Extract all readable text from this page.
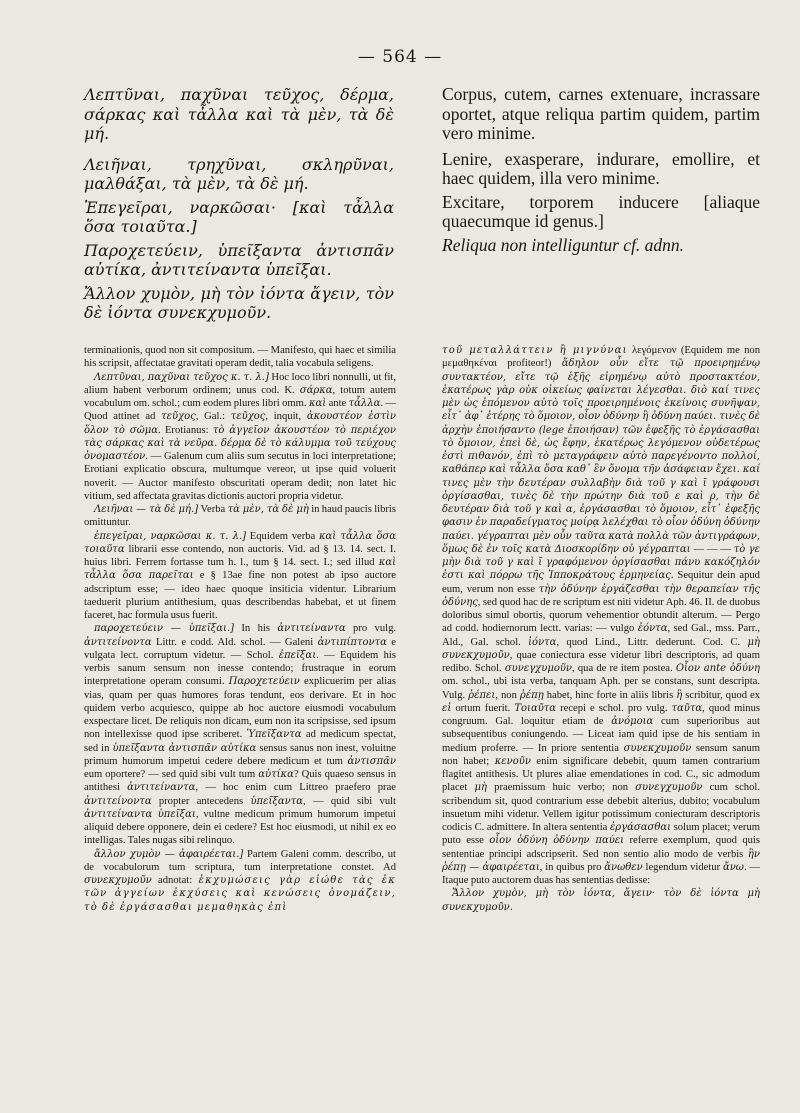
— 564 —

Λεπτῦναι, παχῦναι τεῦχος, δέρμα, σάρκας καὶ τἆλλα καὶ τὰ μὲν, τὰ δὲ μή.

Λειῆναι, τρηχῦναι, σκληρῦναι, μαλθάξαι, τὰ μὲν, τὰ δὲ μή.

Ἐπεγεῖραι, ναρκῶσαι· [καὶ τἆλλα ὅσα τοιαῦτα.]

Παροχετεύειν, ὑπεῖξαντα ἀντισπᾶν αὐτίκα, ἀντιτείναντα ὑπεῖξαι.

Ἄλλον χυμὸν, μὴ τὸν ἰόντα ἄγειν, τὸν δὲ ἰόντα συνεκχυμοῦν.

Corpus, cutem, carnes extenuare, incrassare oportet, atque reliqua partim quidem, partim vero minime.

Lenire, exasperare, indurare, emollire, et haec quidem, illa vero minime.

Excitare, torporem inducere [aliaque quaecumque id genus.]

Reliqua non intelliguntur cf. adnn.

terminationis, quod non sit compositum. — Manifesto, qui haec et similia his scripsit, affectatae gravitati operam dedit, talia vocabula seligens.

Λεπτῦναι, παχῦναι τεῦχος κ. τ. λ.] Hoc loco libri nonnulli, ut fit, alium habent verborum ordinem; unus cod. K. σάρκα, totum autem vocabulum om. schol.; cum eodem plures libri omm. καὶ ante τἆλλα. — Quod attinet ad τεῦχος, Gal.: τεῦχος, inquit, ἀκουστέον ἐστὶν ὅλον τὸ σῶμα. Erotianus: τὸ ἀγγεῖον ἀκουστέον τὸ περιέχον τὰς σάρκας καὶ τὰ νεῦρα. δέρμα δὲ τὸ κάλυμμα τοῦ τεύχους ὀνομαστέον. — Galenum cum aliis sum secutus in loci interpretatione; Erotiani explicatio obscura, multumque vereor, ut ipse quid voluerit noverit. — Auctor manifesto obscuritati operam dedit; non latet hic vitium, sed affectata gravitas dictionis auctori propria videtur.

Λειῆναι — τὰ δὲ μή.] Verba τὰ μὲν, τὰ δὲ μὴ in haud paucis libris omittuntur.

ἐπεγεῖραι, ναρκῶσαι κ. τ. λ.] Equidem verba καὶ τἆλλα ὅσα τοιαῦτα librarii esse contendo, non auctoris. Vid. ad § 13. 14. sect. I. huius libri. Ferrem fortasse tum h. l., tum § 14. sect. I.; sed illud καὶ τἆλλα ὅσα παρεῖται e § 13ae fine non potest ab ipso auctore adscriptum esse; — ideo haec quoque insiticia videntur. Librarium taeduerit plurium antithesium, quas describendas habebat, et ut finem faceret, hac formula usus fuerit.

παροχετεύειν — ὑπεῖξαι.] In his ἀντιτείναντα pro vulg. ἀντιτείνοντα Littr. e codd. Ald. schol. — Galeni ἀντιπίπτοντα e vulgata lect. corruptum videtur. — Schol. ἐπεῖξαι. — Equidem his verbis sanum sensum non inesse contendo; frustraque in eorum interpretatione operam consumi. Παροχετεύειν explicuerim per alias vias, quam per quas humores foras tendunt, eos derivare. Et in hoc quidem verbo acquiesco, quippe ab hoc auctore eiusmodi vocabulum exspectare licet. De reliquis non dicam, eum non ita scripsisse, sed ipsum non intellexisse quod ipse scriberet. Ὑπεῖξαντα ad medicum spectat, sed in ὑπεῖξαντα ἀντισπᾶν αὐτίκα sensus sanus non inest, voluitne primum humorum impetui cedere debere medicum et tum ἀντισπᾶν eum oportere? — sed quid sibi vult tum αὐτίκα? Quis quaeso sensus in antithesi ἀντιτείναντα, — hoc enim cum Littreo praefero prae ἀντιτείνοντα propter antecedens ὑπεῖξαντα, — quid sibi vult ἀντιτείναντα ὑπεῖξαι, vultne medicum primum humorum impetui aliquid debere opponere, dein ei cedere? Est hoc eiusmodi, ut nihil ex eo intelligas. Tales nugas sibi relinquo.

ἄλλον χυμὸν — ἀφαιρέεται.] Partem Galeni comm. describo, ut de vocabulorum tum scriptura, tum interpretatione constet. Ad συνεκχυμοῦν adnotat: ἐκχυμώσεις γὰρ εἰώθε τὰς ἐκ τῶν ἀγγείων ἐκχύσεις καὶ κενώσεις ὀνομάζειν, τὸ δὲ ἐργάσασθαι μεμαθηκὰς ἐπὶ

τοῦ μεταλλάττειν ἢ μιγνύναι λεγόμενον (Equidem me non μεμαθηκέναι profiteor!) ἄδηλον οὖν εἴτε τῷ προειρημένῳ συντακτέον, εἴτε τῷ ἑξῆς εἰρημένῳ αὐτὸ προστακτέον, ἑκατέρως γὰρ οὐκ οἰκείως φαίνεται λέγεσθαι. διὸ καί τινες μὲν ὡς ἑπόμενον αὐτὸ τοῖς προειρημένοις ἐκείνοις συνῆψαν, εἶτ᾽ ἀφ᾽ ἑτέρης τὸ ὅμοιον, οἷον ὀδύνην ἢ ὀδύνη παύει. τινὲς δὲ ἀρχὴν ἐποιήσαντο (lege ἐποιήσαν) τῶν ἐφεξῆς τὸ ἐργάσασθαι τὸ ὅμοιον, ἐπεὶ δὲ, ὡς ἔφην, ἑκατέρως λεγόμενον οὐδετέρως ἐστὶ πιθανόν, ἐπὶ τὸ μεταγράφειν αὐτὸ παρεγένοντο πολλοί, καθάπερ καὶ τἆλλα ὅσα καθ᾽ ἓν ὄνομα τῆν ἀσάφειαν ἔχει. καί τινες μὲν τὴν δευτέραν συλλαβὴν διὰ τοῦ γ καὶ ῑ γράφουσι ὀργίσασθαι, τινὲς δὲ τὴν πρώτην διὰ τοῦ ε καὶ ρ, τὴν δὲ δευτέραν διὰ τοῦ γ καὶ α, ἐργάσασθαι τὸ ὅμοιον, εἶτ᾽ ἐφεξῆς φασιν ἐν παραδείγματος μοίρᾳ λελέχθαι τὸ οἷον ὀδύνη ὀδύνην παύει. γέγραπται μὲν οὖν ταῦτα κατὰ πολλὰ τῶν ἀντιγράφων, ὅμως δὲ ἐν τοῖς κατὰ Διοσκορίδην οὐ γέγραπται — — — τὸ γε μὴν διὰ τοῦ γ καὶ ῑ γραφόμενον ὀργίσασθαι πάνυ κακόζηλόν ἐστι καὶ πόρρω τῆς Ἱπποκράτους ἑρμηνείας. Sequitur dein apud eum, verum non esse τὴν ὀδύνην ἐργάζεσθαι τὴν θεραπείαν τῆς ὀδύνης, sed quod hac de re scriptum est niti videtur Aph. 46. II. de duobus doloribus simul obortis, quorum vehementior obtundit alterum. — Pergo ad codd. hodiernorum lectt. varias: — vulgo ἐόντα, sed Gal., mss. Parr., Ald., Gal. schol. ἰόντα, quod Lind., Littr. dederunt. Cod. C. μὴ συνεκχυμοῦν, quae coniectura esse videtur libri descriptoris, ad quam redibo. Schol. συνεγχυμοῦν, qua de re item postea. Οἷον ante ὀδύνη om. schol., ubi ista verba, tanquam Aph. per se constans, sunt descripta. Vulg. ῥέπει, non ῥέπῃ habet, hinc forte in aliis libris ἢ scribitur, quod ex εἰ ortum fuerit. Τοιαῦτα recepi e schol. pro vulg. ταῦτα, quod minus congruum. Gal. loquitur etiam de ἀνόμοια cum superioribus aut subsequentibus coniungendo. — Liceat iam quid ipse de his sentiam in medium proferre. — In priore sententia συνεκχυμοῦν sensum sanum non habet; κενοῦν enim significare debebit, quum tamen contrarium flagitet antithesis. Ut plures aliae emendationes in cod. C., sic admodum placet μὴ praemissum huic verbo; non συνεγχυμοῦν cum schol. scribendum sit, quod contrarium esse debebit alterius, dubito; vocabulum insuetum mihi videtur. Vellem igitur potissimum coniecturam descriptoris codicis C. admittere. In altera sententia ἐργάσασθαι solum placet; verum puto esse οἷον ὀδύνη ὀδύνην παύει referre exemplum, quod quis sententiae principi adscripserit. Sed non sentio alio modo de verbis ἣν ῥέπῃ — ἀφαιρέεται, in quibus pro ἄνωθεν legendum videtur ἄνω. — Itaque puto auctorem duas has sententias dedisse:

Ἄλλον χυμὸν, μὴ τὸν ἰόντα, ἄγειν· τὸν δὲ ἰόντα μὴ συνεκχυμοῦν.
